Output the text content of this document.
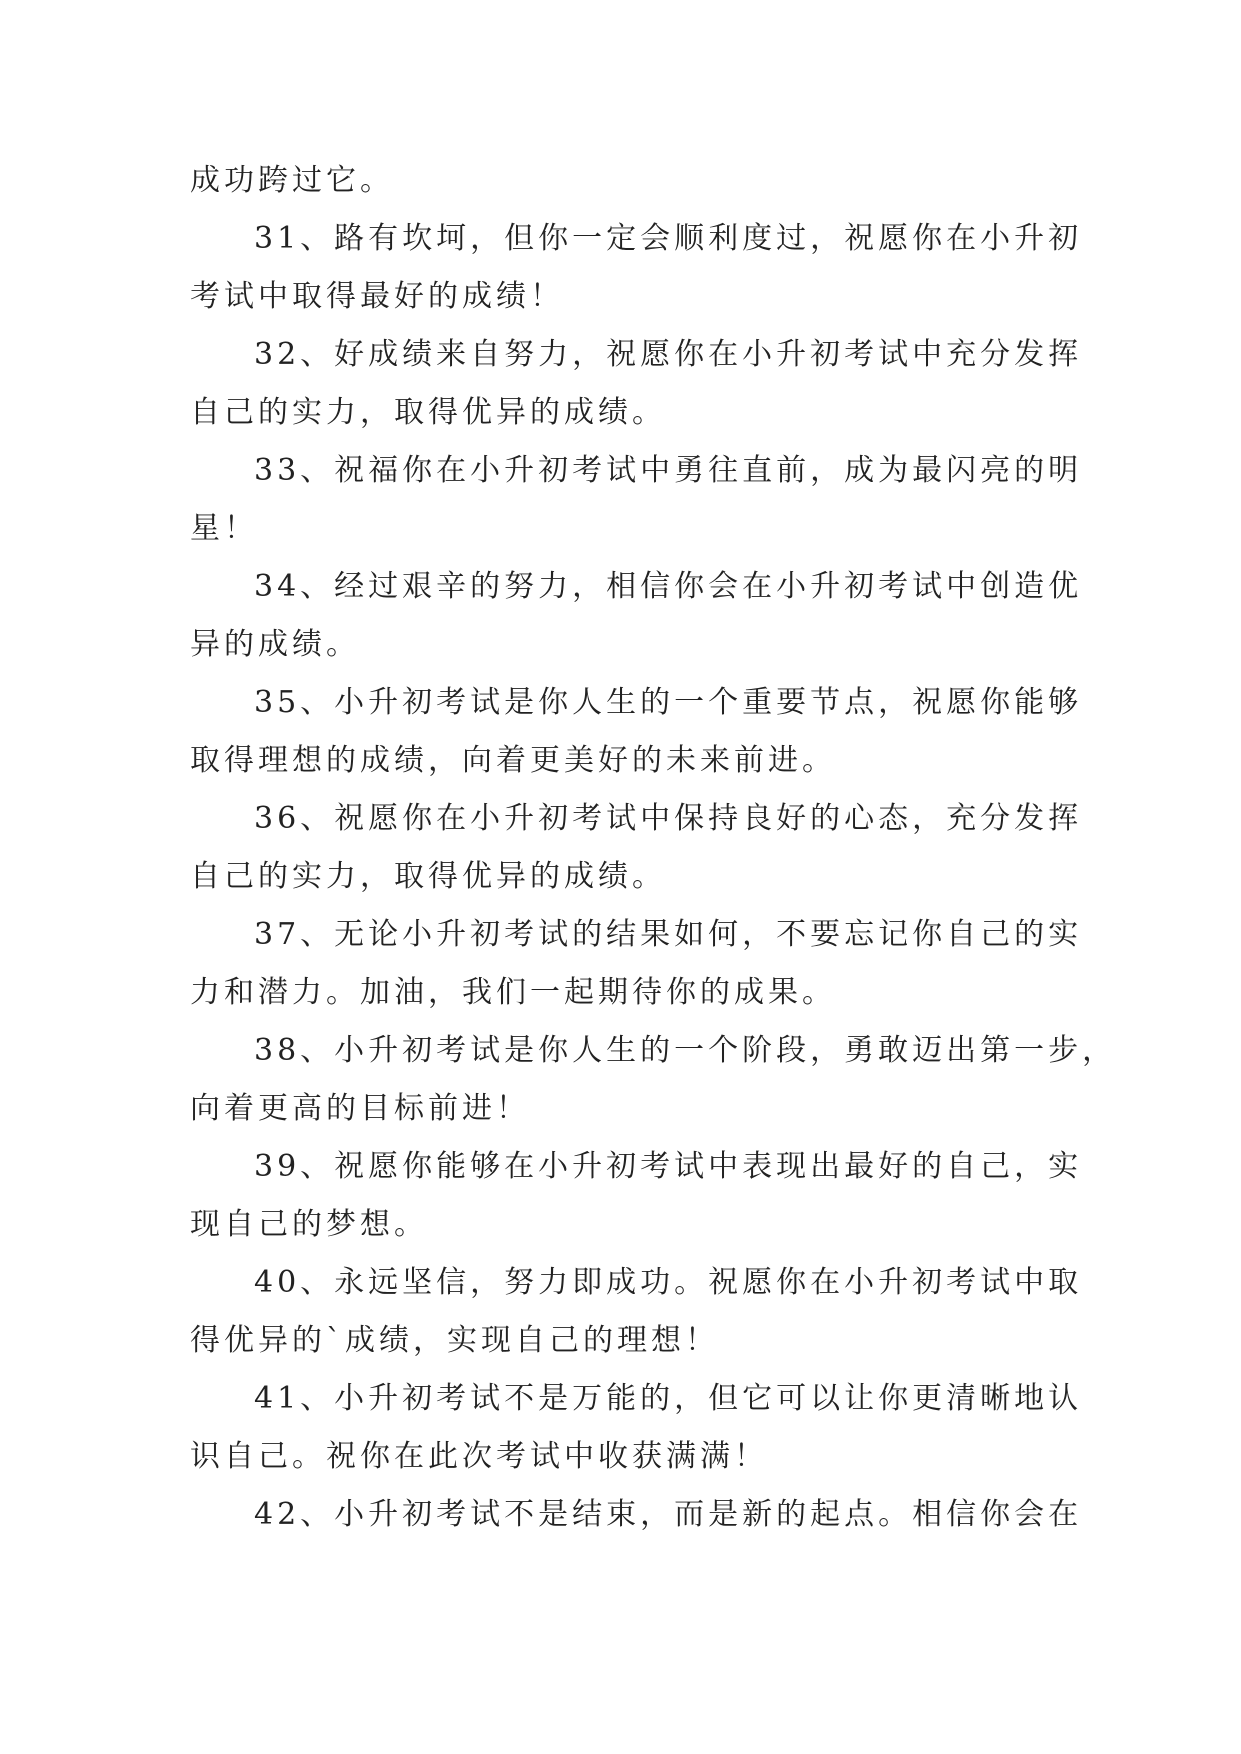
成功跨过它。
31、路有坎坷，但你一定会顺利度过，祝愿你在小升初
考试中取得最好的成绩！
32、好成绩来自努力，祝愿你在小升初考试中充分发挥
自己的实力，取得优异的成绩。
33、祝福你在小升初考试中勇往直前，成为最闪亮的明
星！
34、经过艰辛的努力，相信你会在小升初考试中创造优
异的成绩。
35、小升初考试是你人生的一个重要节点，祝愿你能够
取得理想的成绩，向着更美好的未来前进。
36、祝愿你在小升初考试中保持良好的心态，充分发挥
自己的实力，取得优异的成绩。
37、无论小升初考试的结果如何，不要忘记你自己的实
力和潜力。加油，我们一起期待你的成果。
38、小升初考试是你人生的一个阶段，勇敢迈出第一步，
向着更高的目标前进！
39、祝愿你能够在小升初考试中表现出最好的自己，实
现自己的梦想。
40、永远坚信，努力即成功。祝愿你在小升初考试中取
得优异的`成绩，实现自己的理想！
41、小升初考试不是万能的，但它可以让你更清晰地认
识自己。祝你在此次考试中收获满满！
42、小升初考试不是结束，而是新的起点。相信你会在
